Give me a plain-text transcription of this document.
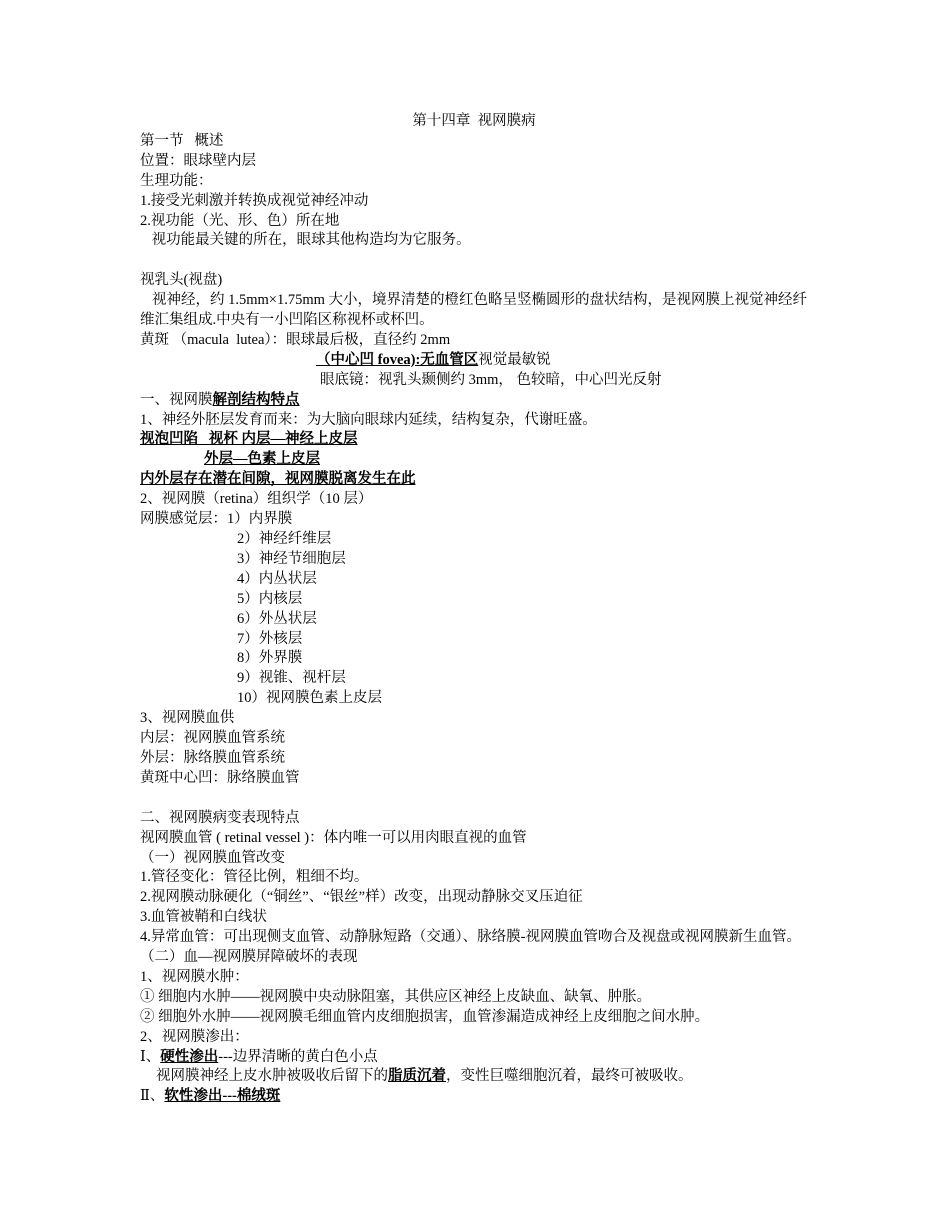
第十四章  视网膜病
第一节   概述
位置：眼球壁内层
生理功能：
1.接受光刺激并转换成视觉神经冲动
2.视功能（光、形、色）所在地
视功能最关键的所在，眼球其他构造均为它服务。
视乳头(视盘)
视神经，约 1.5mm×1.75mm 大小，境界清楚的橙红色略呈竖椭圆形的盘状结构，是视网膜上视觉神经纤维汇集组成.中央有一小凹陷区称视杯或杯凹。
黄斑 （macula  lutea）：眼球最后极，直径约 2mm
（中心凹 fovea):无血管区视觉最敏锐
眼底镜：视乳头颞侧约 3mm， 色较暗，中心凹光反射
一、视网膜解剖结构特点
1、神经外胚层发育而来：为大脑向眼球内延续，结构复杂，代谢旺盛。
视泡凹陷   视杯 内层—神经上皮层
外层—色素上皮层
内外层存在潜在间隙，视网膜脱离发生在此
2、视网膜（retina）组织学（10 层）
网膜感觉层：1）内界膜
2）神经纤维层
3）神经节细胞层
4）内丛状层
5）内核层
6）外丛状层
7）外核层
8）外界膜
9）视锥、视杆层
10）视网膜色素上皮层
3、视网膜血供
内层：视网膜血管系统
外层：脉络膜血管系统
黄斑中心凹：脉络膜血管
二、视网膜病变表现特点
视网膜血管 ( retinal vessel )：体内唯一可以用肉眼直视的血管
（一）视网膜血管改变
1.管径变化：管径比例，粗细不均。
2.视网膜动脉硬化（“铜丝”、“银丝”样）改变，出现动静脉交叉压迫征
3.血管被鞘和白线状
4.异常血管：可出现侧支血管、动静脉短路（交通）、脉络膜-视网膜血管吻合及视盘或视网膜新生血管。
（二）血—视网膜屏障破坏的表现
1、视网膜水肿：
① 细胞内水肿——视网膜中央动脉阻塞，其供应区神经上皮缺血、缺氧、肿胀。
② 细胞外水肿——视网膜毛细血管内皮细胞损害，血管渗漏造成神经上皮细胞之间水肿。
2、视网膜渗出：
Ⅰ、硬性渗出---边界清晰的黄白色小点
视网膜神经上皮水肿被吸收后留下的脂质沉着，变性巨噬细胞沉着，最终可被吸收。
Ⅱ、软性渗出---棉绒斑
